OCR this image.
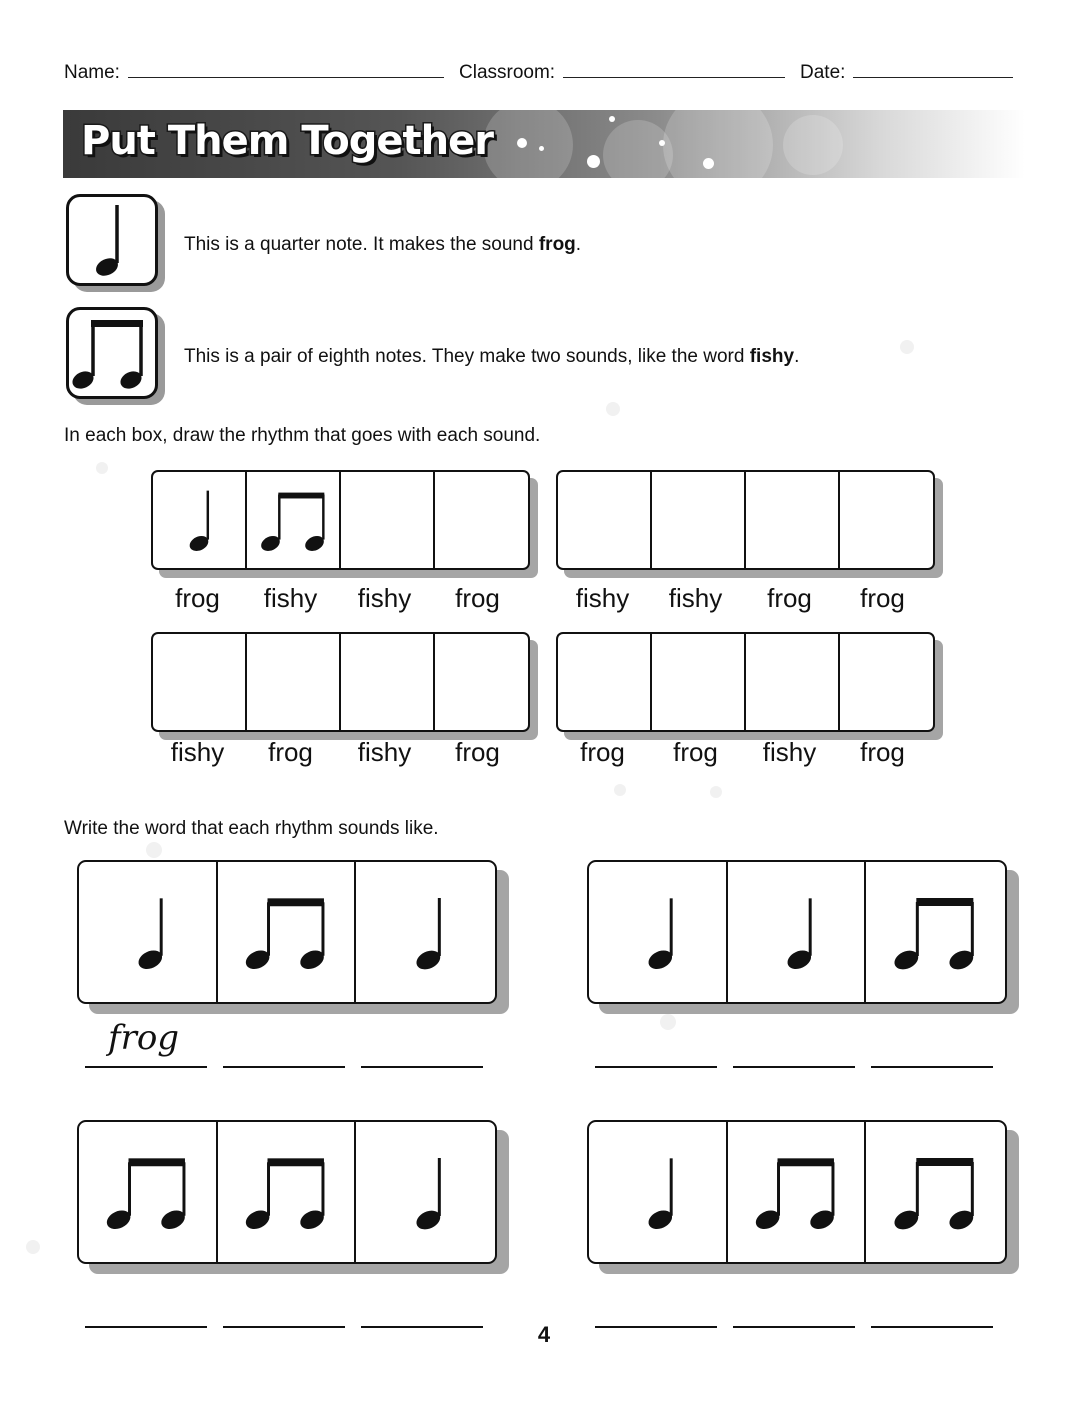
Name:	Classroom:	Date:
Put Them Together
This is a quarter note. It makes the sound frog.
This is a pair of eighth notes. They make two sounds, like the word fishy.
In each box, draw the rhythm that goes with each sound.
frog	fishy	fishy	frog	fishy	fishy	frog	frog
fishy	frog	fishy	frog	frog	frog	fishy	frog
Write the word that each rhythm sounds like.
frog
4
